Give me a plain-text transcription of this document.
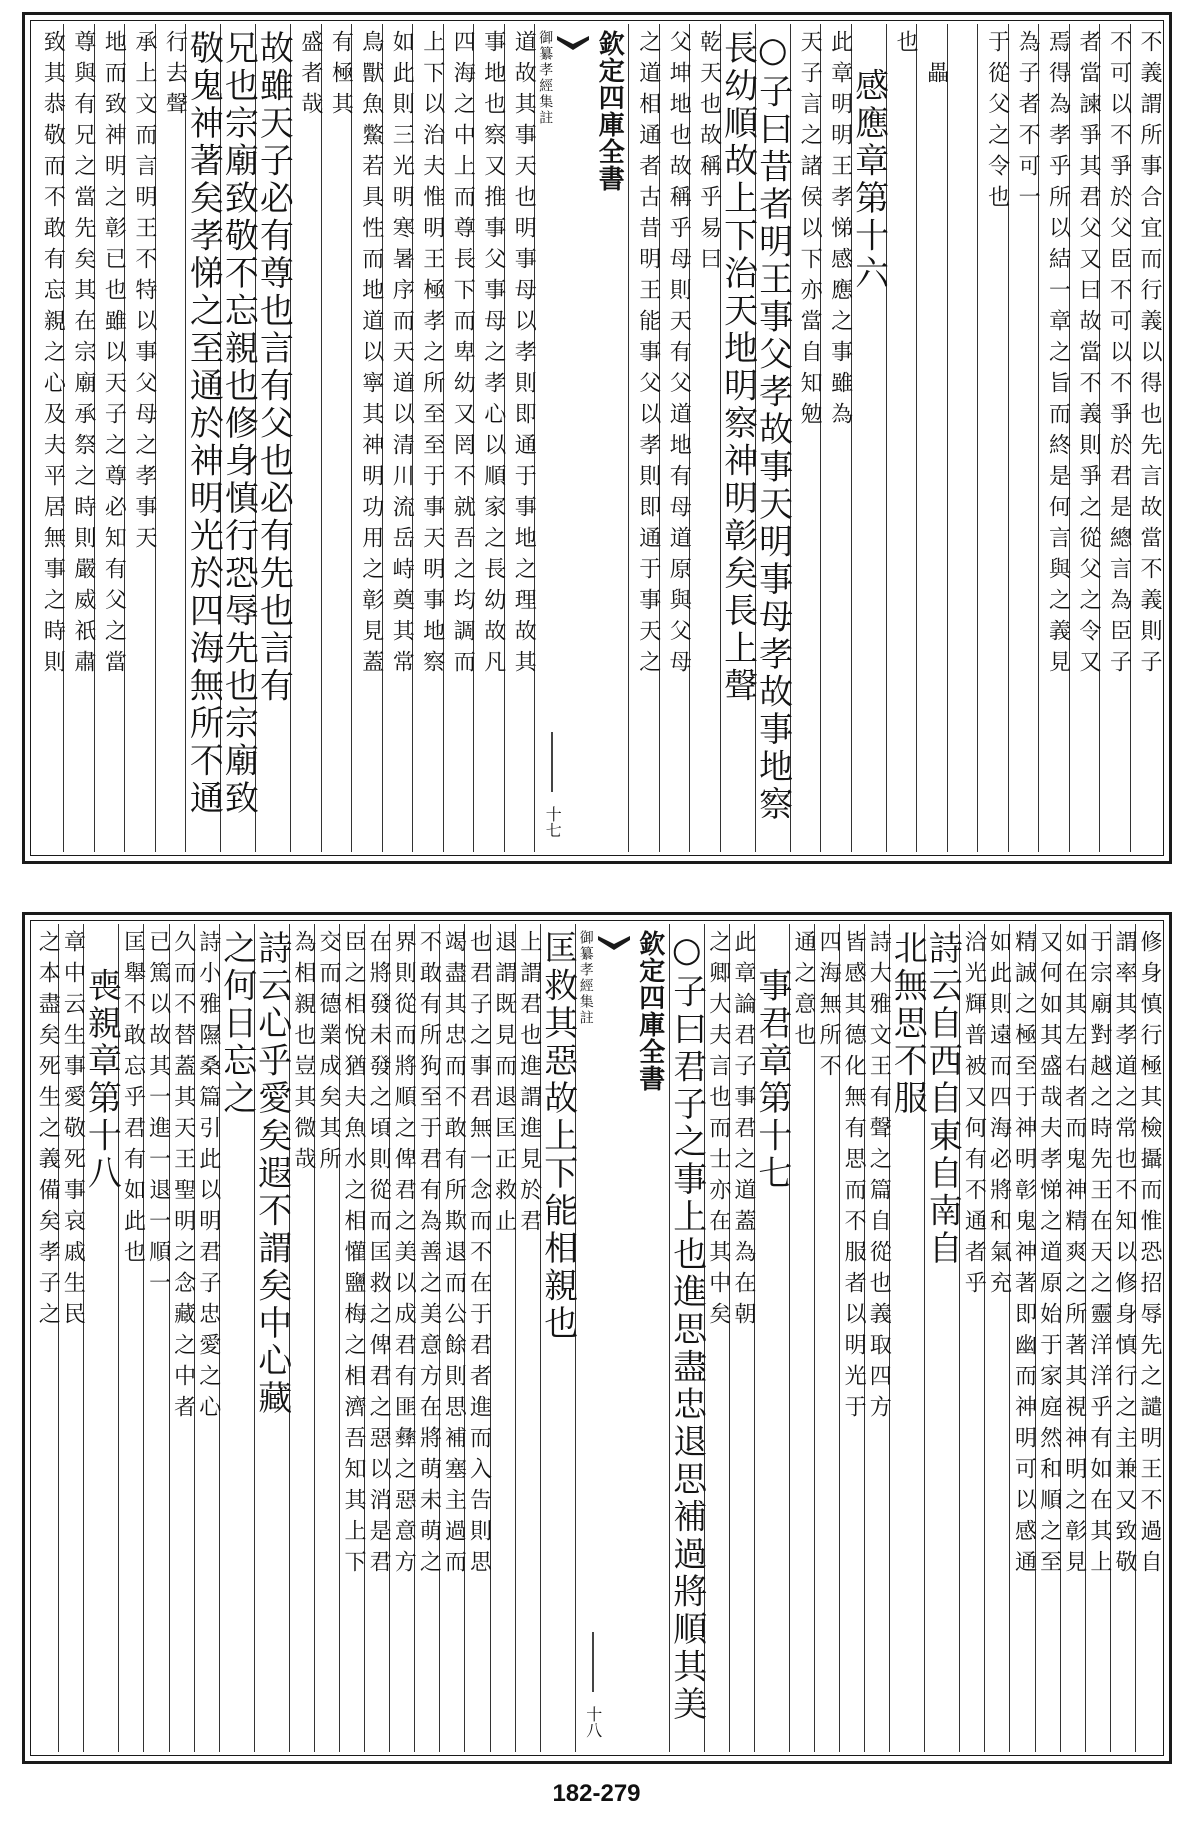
不義謂所事合宜而行義以得也先言故當不義則子
不可以不爭於父臣不可以不爭於君是總言為臣子
者當諫爭其君父又曰故當不義則爭之從父之令又
焉得為孝乎所以結一章之旨而終是何言與之義見
為子者不可一
于從父之令也
　畾
也
　感應章第十六
此章明明王孝悌感應之事雖為
天子言之諸侯以下亦當自知勉
○子曰昔者明王事父孝故事天明事母孝故事地察
長幼順故上下治天地明察神明彰矣長上聲
乾天也故稱乎易曰
父坤地也故稱乎母則天有父道地有母道原與父母
之道相通者古昔明王能事父以孝則即通于事天之
欽定四庫全書
御纂孝經集註
十七
道故其事天也明事母以孝則即通于事地之理故其
事地也察又推事父事母之孝心以順家之長幼故凡
四海之中上而尊長下而卑幼又罔不就吾之均調而
上下以治夫惟明王極孝之所至至于事天明事地察
如此則三光明寒暑序而天道以清川流岳峙奠其常
鳥獸魚鱉若具性而地道以寧其神明功用之彰見蓋
有極其
盛者哉
故雖天子必有尊也言有父也必有先也言有
兄也宗廟致敬不忘親也修身慎行恐辱先也宗廟致
敬鬼神著矣孝悌之至通於神明光於四海無所不通
行去聲
承上文而言明王不特以事父母之孝事天
地而致神明之彰已也雖以天子之尊必知有父之當
尊與有兄之當先矣其在宗廟承祭之時則嚴威祇肅
致其恭敬而不敢有忘親之心及夫平居無事之時則
修身慎行極其檢攝而惟恐招辱先之譴明王不過自
謂率其孝道之常也不知以修身慎行之主兼又致敬
于宗廟對越之時先王在天之靈洋洋乎有如在其上
如在其左右者而鬼神精爽之所著其視神明之彰見
又何如其盛哉夫孝悌之道原始于家庭然和順之至
精誠之極至于神明彰鬼神著即幽而神明可以感通
如此則遠而四海必將和氣充
洽光輝普被又何有不通者乎
詩云自西自東自南自
北無思不服
詩大雅文王有聲之篇自從也義取四方
皆感其德化無有思而不服者以明光于
四海無所不
通之意也
　事君章第十七
此章論君子事君之道蓋為在朝
之卿大夫言也而士亦在其中矣
○子曰君子之事上也進思盡忠退思補過將順其美
欽定四庫全書
御纂孝經集註
十八
匡救其惡故上下能相親也
上謂君也進謂進見於君
退謂既見而退匡正救止
也君子之事君無一念而不在于君者進而入告則思
竭盡其忠而不敢有所欺退而公餘則思補塞主過而
不敢有所狗至于君有為善之美意方在將萌未萌之
界則從而將順之俾君之美以成君有匪彝之惡意方
在將發未發之頃則從而匡救之俾君之惡以消是君
臣之相悅猶夫魚水之相懽鹽梅之相濟吾知其上下
交而德業成矣其所
為相親也豈其微哉
詩云心乎愛矣遐不謂矣中心藏
之何日忘之
詩小雅隰桑篇引此以明君子忠愛之心
久而不替蓋其天王聖明之念藏之中者
已篤以故其一進一退一順一
匡舉不敢忘乎君有如此也
　喪親章第十八
章中云生事愛敬死事哀戚生民
之本盡矣死生之義備矣孝子之
182-279
